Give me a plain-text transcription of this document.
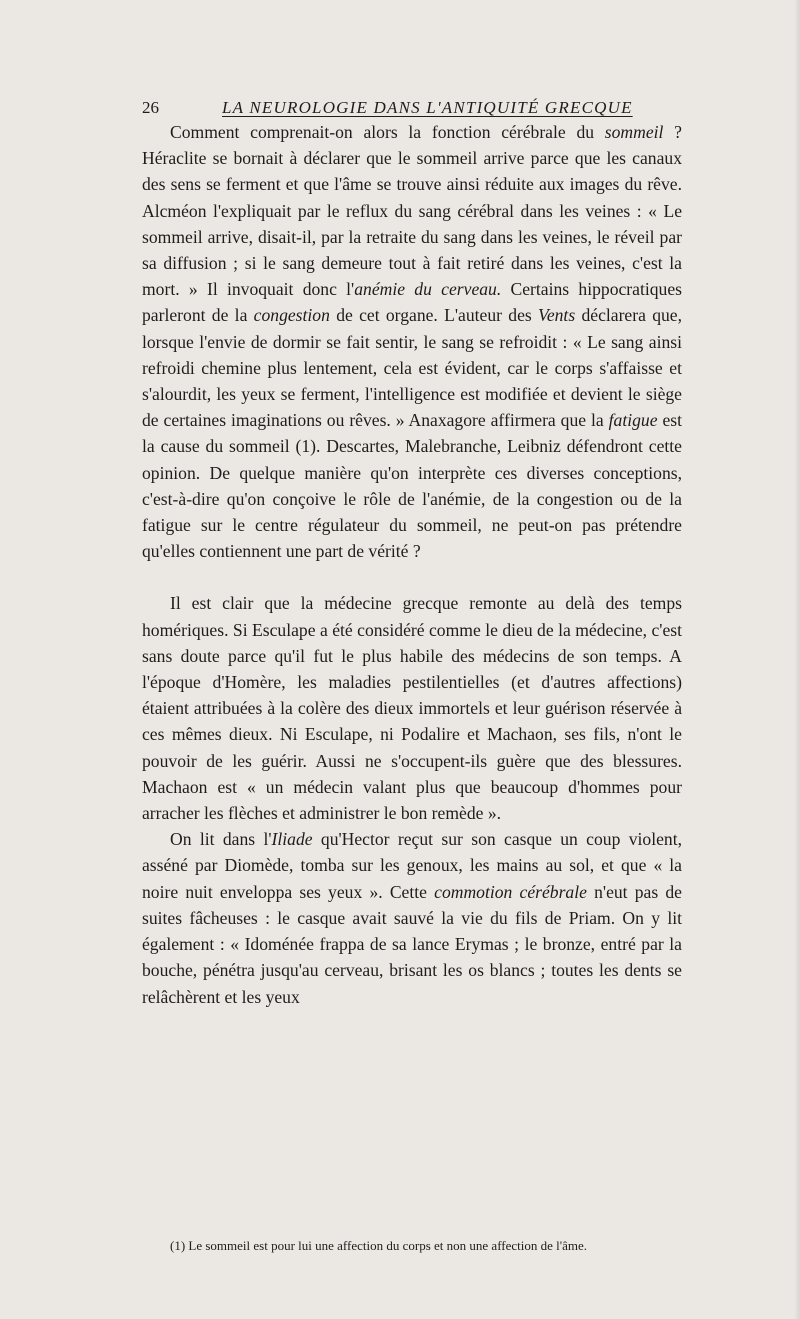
26	LA NEUROLOGIE DANS L'ANTIQUITÉ GRECQUE

Comment comprenait-on alors la fonction cérébrale du sommeil ? Héraclite se bornait à déclarer que le sommeil arrive parce que les canaux des sens se ferment et que l'âme se trouve ainsi réduite aux images du rêve. Alcméon l'expliquait par le reflux du sang cérébral dans les veines : « Le sommeil arrive, disait-il, par la retraite du sang dans les veines, le réveil par sa diffusion ; si le sang demeure tout à fait retiré dans les veines, c'est la mort. » Il invoquait donc l'anémie du cerveau. Certains hippocratiques parleront de la congestion de cet organe. L'auteur des Vents déclarera que, lorsque l'envie de dormir se fait sentir, le sang se refroidit : « Le sang ainsi refroidi chemine plus lentement, cela est évident, car le corps s'affaisse et s'alourdit, les yeux se ferment, l'intelligence est modifiée et devient le siège de certaines imaginations ou rêves. » Anaxagore affirmera que la fatigue est la cause du sommeil (1). Descartes, Malebranche, Leibniz défendront cette opinion. De quelque manière qu'on interprète ces diverses conceptions, c'est-à-dire qu'on conçoive le rôle de l'anémie, de la congestion ou de la fatigue sur le centre régulateur du sommeil, ne peut-on pas prétendre qu'elles contiennent une part de vérité ?

Il est clair que la médecine grecque remonte au delà des temps homériques. Si Esculape a été considéré comme le dieu de la médecine, c'est sans doute parce qu'il fut le plus habile des médecins de son temps. A l'époque d'Homère, les maladies pestilentielles (et d'autres affections) étaient attribuées à la colère des dieux immortels et leur guérison réservée à ces mêmes dieux. Ni Esculape, ni Podalire et Machaon, ses fils, n'ont le pouvoir de les guérir. Aussi ne s'occupent-ils guère que des blessures. Machaon est « un médecin valant plus que beaucoup d'hommes pour arracher les flèches et administrer le bon remède ».

On lit dans l'Iliade qu'Hector reçut sur son casque un coup violent, asséné par Diomède, tomba sur les genoux, les mains au sol, et que « la noire nuit enveloppa ses yeux ». Cette commotion cérébrale n'eut pas de suites fâcheuses : le casque avait sauvé la vie du fils de Priam. On y lit également : « Idoménée frappa de sa lance Erymas ; le bronze, entré par la bouche, pénétra jusqu'au cerveau, brisant les os blancs ; toutes les dents se relâchèrent et les yeux

(1) Le sommeil est pour lui une affection du corps et non une affection de l'âme.
